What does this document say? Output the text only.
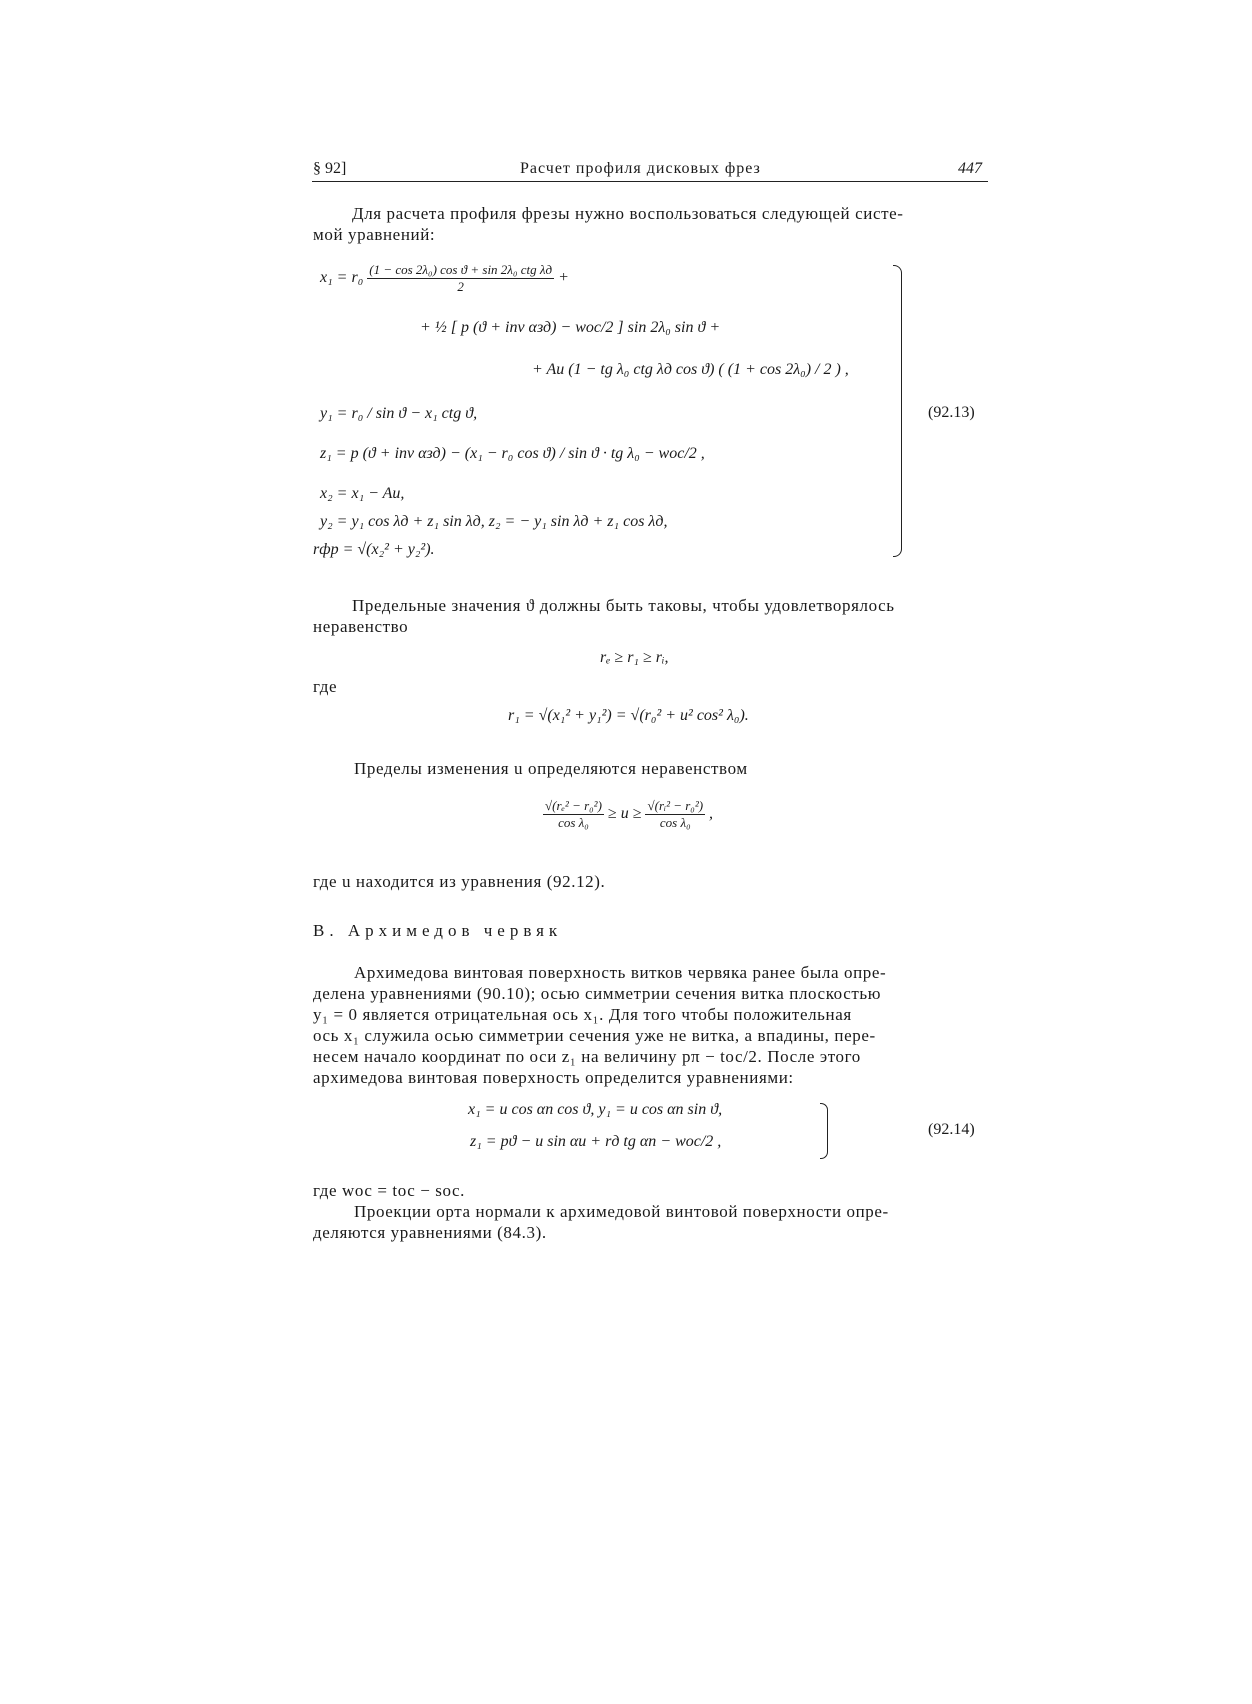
§ 92]	Расчет профиля дисковых фрез	447
Для расчета профиля фрезы нужно воспользоваться следующей систе-
мой уравнений:
$x_1 = r_0 \frac{\text{(1 − cos 2λ₀) cos ϑ + sin 2λ₀ ctg λд}}{2}$ +
+ ½ [ p (ϑ + inv αзд) − wос/2 ] sin 2λ₀ sin ϑ +
+ Aи (1 − tg λ₀ ctg λд cos ϑ) ( (1 + cos 2λ₀) / 2 ) ,
y₁ = r₀ / sin ϑ − x₁ ctg ϑ,
z₁ = p (ϑ + inv αзд) − (x₁ − r₀ cos ϑ) / sin ϑ · tg λ₀ − wос/2 ,
x₂ = x₁ − Aи,
y₂ = y₁ cos λд + z₁ sin λд, z₂ = − y₁ sin λд + z₁ cos λд,
rфр = √(x₂² + y₂²).
(92.13)
Предельные значения ϑ должны быть таковы, чтобы удовлетворялось
неравенство
rₑ ≥ r₁ ≥ rᵢ,
где
r₁ = √(x₁² + y₁²) = √(r₀² + u² cos² λ₀).
Пределы изменения u определяются неравенством
$\frac{\text{√(rₑ² − r₀²)}}{\text{cos λ₀}} \ge u \ge \frac{\text{√(rᵢ² − r₀²)}}{\text{cos λ₀}}$ ,
где u находится из уравнения (92.12).
В. Архимедов червяк
Архимедова винтовая поверхность витков червяка ранее была опре-
делена уравнениями (90.10); осью симметрии сечения витка плоскостью
y₁ = 0 является отрицательная ось x₁. Для того чтобы положительная
ось x₁ служила осью симметрии сечения уже не витка, а впадины, пере-
несем начало координат по оси z₁ на величину pπ − tос/2. После этого
архимедова винтовая поверхность определится уравнениями:
x₁ = u cos αп cos ϑ, y₁ = u cos αп sin ϑ,
z₁ = pϑ − u sin αи + rд tg αп − wос/2 ,
(92.14)
где wос = tос − sос.
Проекции орта нормали к архимедовой винтовой поверхности опре-
деляются уравнениями (84.3).
